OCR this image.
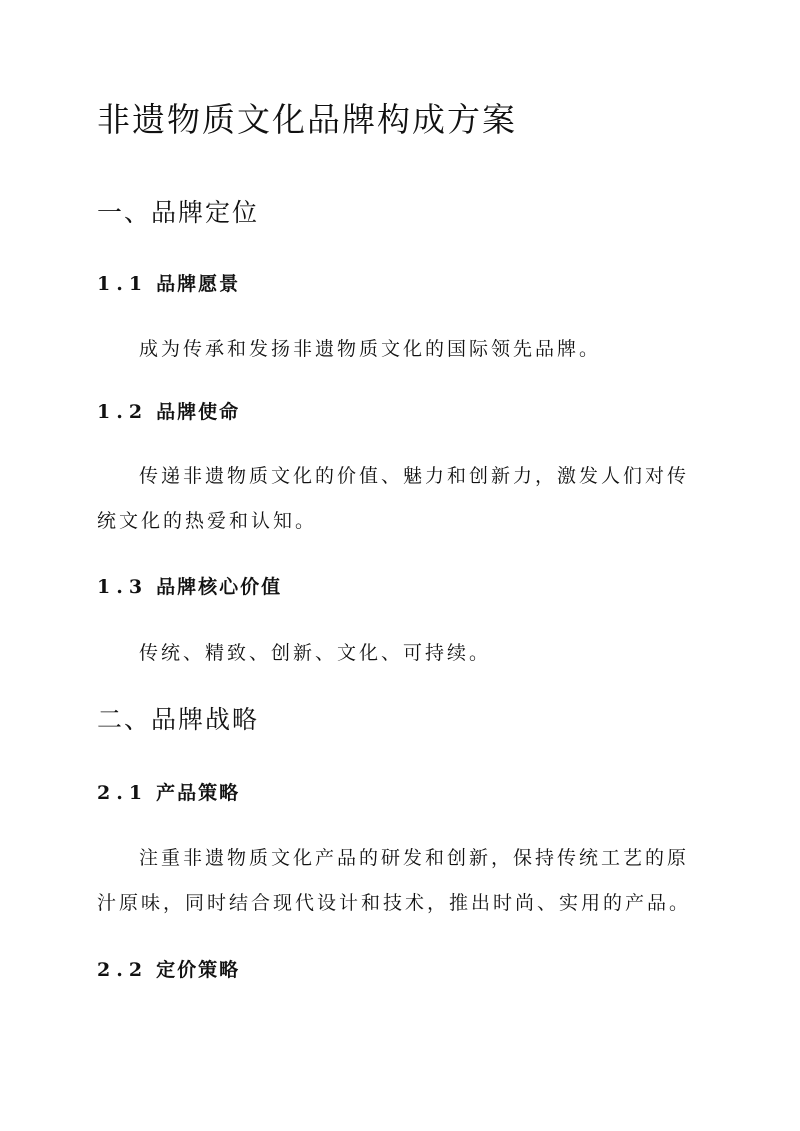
非遗物质文化品牌构成方案
一、品牌定位
1.1 品牌愿景

成为传承和发扬非遗物质文化的国际领先品牌。

1.2 品牌使命

传递非遗物质文化的价值、魅力和创新力，激发人们对传统文化的热爱和认知。

1.3 品牌核心价值

传统、精致、创新、文化、可持续。

二、品牌战略
2.1 产品策略

注重非遗物质文化产品的研发和创新，保持传统工艺的原汁原味，同时结合现代设计和技术，推出时尚、实用的产品。

2.2 定价策略
